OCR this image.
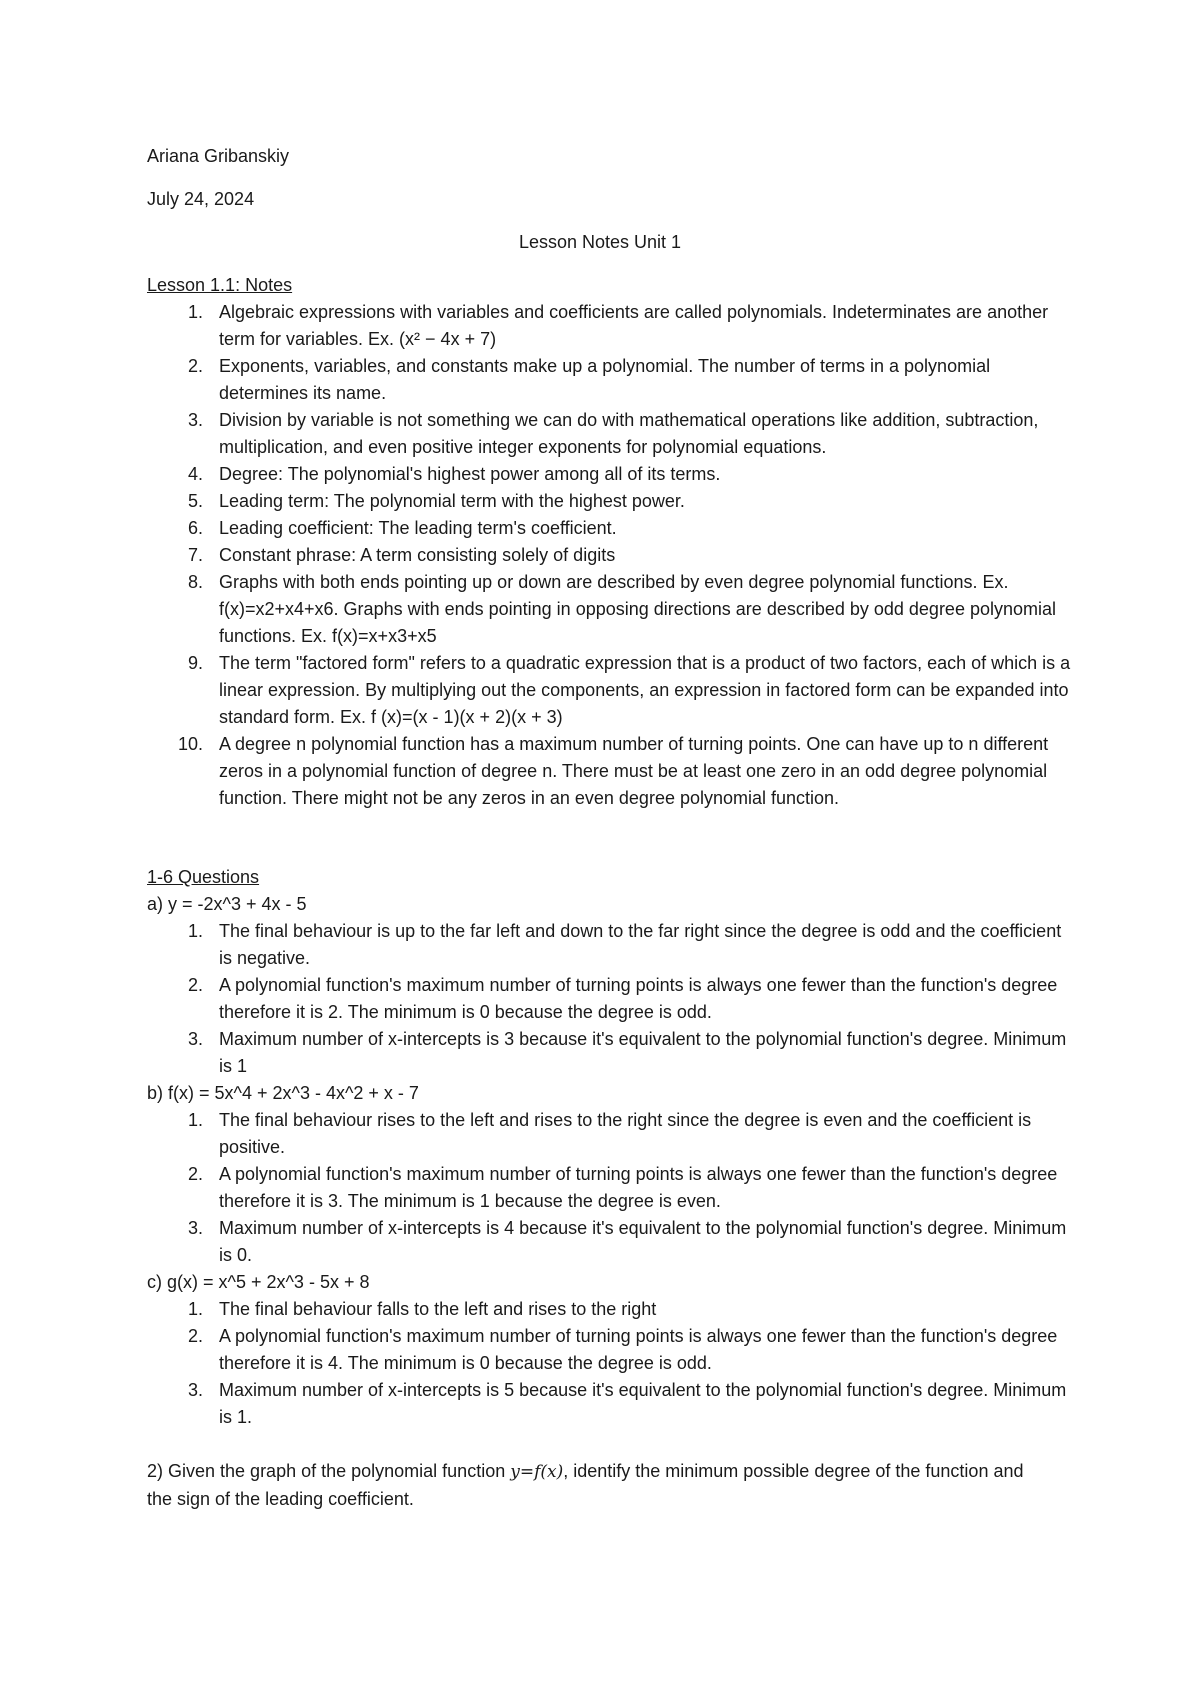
Ariana Gribanskiy
July 24, 2024
Lesson Notes Unit 1
Lesson 1.1: Notes
1. Algebraic expressions with variables and coefficients are called polynomials. Indeterminates are another term for variables. Ex. (x² − 4x + 7)
2. Exponents, variables, and constants make up a polynomial. The number of terms in a polynomial determines its name.
3. Division by variable is not something we can do with mathematical operations like addition, subtraction, multiplication, and even positive integer exponents for polynomial equations.
4. Degree: The polynomial's highest power among all of its terms.
5. Leading term: The polynomial term with the highest power.
6. Leading coefficient: The leading term's coefficient.
7. Constant phrase: A term consisting solely of digits
8. Graphs with both ends pointing up or down are described by even degree polynomial functions. Ex. f(x)=x2+x4+x6. Graphs with ends pointing in opposing directions are described by odd degree polynomial functions. Ex. f(x)=x+x3+x5
9. The term "factored form" refers to a quadratic expression that is a product of two factors, each of which is a linear expression. By multiplying out the components, an expression in factored form can be expanded into standard form. Ex. f (x)=(x - 1)(x + 2)(x + 3)
10. A degree n polynomial function has a maximum number of turning points. One can have up to n different zeros in a polynomial function of degree n. There must be at least one zero in an odd degree polynomial function. There might not be any zeros in an even degree polynomial function.
1-6 Questions
a) y = -2x^3 + 4x - 5
1. The final behaviour is up to the far left and down to the far right since the degree is odd and the coefficient is negative.
2. A polynomial function's maximum number of turning points is always one fewer than the function's degree therefore it is 2. The minimum is 0 because the degree is odd.
3. Maximum number of x-intercepts is 3 because it's equivalent to the polynomial function's degree. Minimum is 1
b) f(x) = 5x^4 + 2x^3 - 4x^2 + x - 7
1. The final behaviour rises to the left and rises to the right since the degree is even and the coefficient is positive.
2. A polynomial function's maximum number of turning points is always one fewer than the function's degree therefore it is 3. The minimum is 1 because the degree is even.
3. Maximum number of x-intercepts is 4 because it's equivalent to the polynomial function's degree. Minimum is 0.
c) g(x) = x^5 + 2x^3 - 5x + 8
1. The final behaviour falls to the left and rises to the right
2. A polynomial function's maximum number of turning points is always one fewer than the function's degree therefore it is 4. The minimum is 0 because the degree is odd.
3. Maximum number of x-intercepts is 5 because it's equivalent to the polynomial function's degree. Minimum is 1.
2) Given the graph of the polynomial function y=f(x), identify the minimum possible degree of the function and the sign of the leading coefficient.
